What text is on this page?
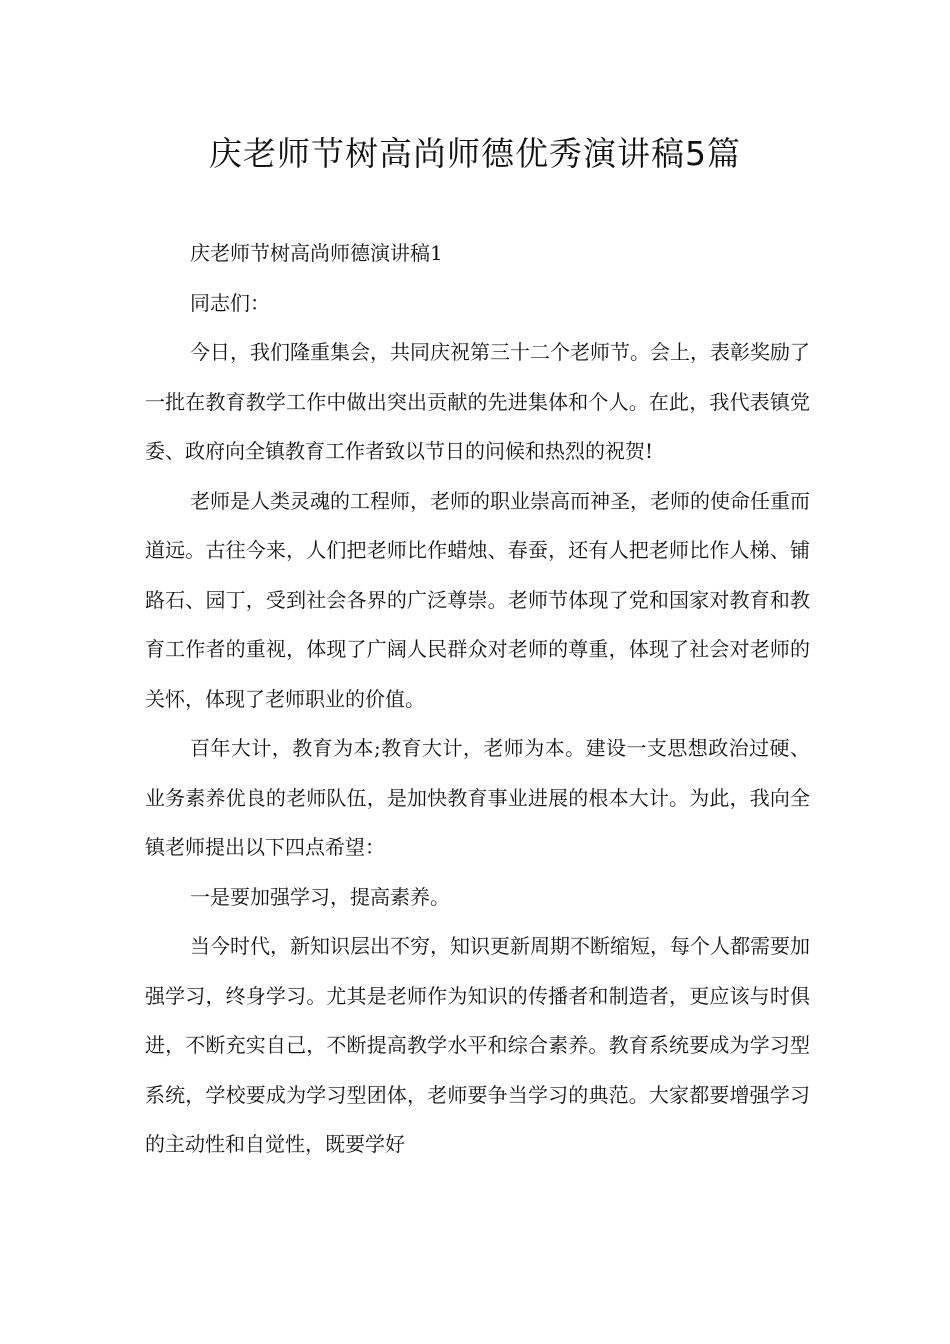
庆老师节树高尚师德优秀演讲稿5篇

庆老师节树高尚师德演讲稿1

同志们：

今日，我们隆重集会，共同庆祝第三十二个老师节。会上，表彰奖励了一批在教育教学工作中做出突出贡献的先进集体和个人。在此，我代表镇党委、政府向全镇教育工作者致以节日的问候和热烈的祝贺!

老师是人类灵魂的工程师，老师的职业崇高而神圣，老师的使命任重而道远。古往今来，人们把老师比作蜡烛、春蚕，还有人把老师比作人梯、铺路石、园丁，受到社会各界的广泛尊崇。老师节体现了党和国家对教育和教育工作者的重视，体现了广阔人民群众对老师的尊重，体现了社会对老师的关怀，体现了老师职业的价值。

百年大计，教育为本;教育大计，老师为本。建设一支思想政治过硬、业务素养优良的老师队伍，是加快教育事业进展的根本大计。为此，我向全镇老师提出以下四点希望：

一是要加强学习，提高素养。

当今时代，新知识层出不穷，知识更新周期不断缩短，每个人都需要加强学习，终身学习。尤其是老师作为知识的传播者和制造者，更应该与时俱进，不断充实自己，不断提高教学水平和综合素养。教育系统要成为学习型系统，学校要成为学习型团体，老师要争当学习的典范。大家都要增强学习的主动性和自觉性，既要学好
